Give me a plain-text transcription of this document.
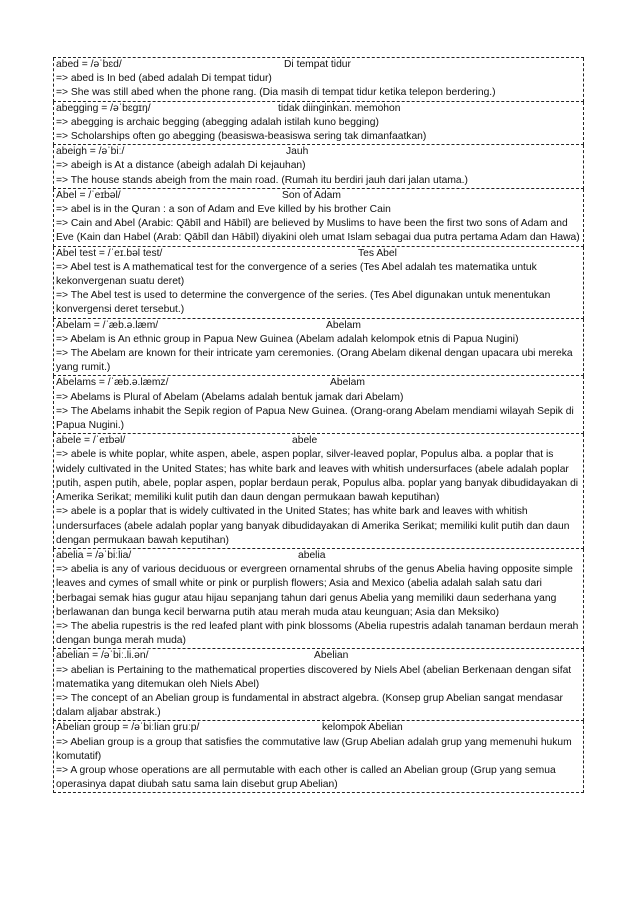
abed = /əˈbɛd/	Di tempat tidur
=> abed is In bed (abed adalah Di tempat tidur)
=> She was still abed when the phone rang. (Dia masih di tempat tidur ketika telepon berdering.)
abegging = /əˈbɛɡɪŋ/	tidak diinginkan. memohon
=> abegging is archaic begging (abegging adalah istilah kuno begging)
=> Scholarships often go abegging (beasiswa-beasiswa sering tak dimanfaatkan)
abeigh = /əˈbiː/	Jauh
=> abeigh is At a distance (abeigh adalah Di kejauhan)
=> The house stands abeigh from the main road. (Rumah itu berdiri jauh dari jalan utama.)
Abel = /ˈeɪbəl/	Son of Adam
=> abel is in the Quran : a son of Adam and Eve killed by his brother Cain
=> Cain and Abel (Arabic: Qābīl and Hābīl) are believed by Muslims to have been the first two sons of Adam and Eve (Kain dan Habel (Arab: Qābīl dan Hābīl) diyakini oleh umat Islam sebagai dua putra pertama Adam dan Hawa)
Abel test = /ˈeɪ.bəl test/	Tes Abel
=> Abel test is A mathematical test for the convergence of a series (Tes Abel adalah tes matematika untuk kekonvergenan suatu deret)
=> The Abel test is used to determine the convergence of the series. (Tes Abel digunakan untuk menentukan konvergensi deret tersebut.)
Abelam = /ˈæb.ə.læm/	Abelam
=> Abelam is An ethnic group in Papua New Guinea (Abelam adalah kelompok etnis di Papua Nugini)
=> The Abelam are known for their intricate yam ceremonies. (Orang Abelam dikenal dengan upacara ubi mereka yang rumit.)
Abelams = /ˈæb.ə.læmz/	Abelam
=> Abelams is Plural of Abelam (Abelams adalah bentuk jamak dari Abelam)
=> The Abelams inhabit the Sepik region of Papua New Guinea. (Orang-orang Abelam mendiami wilayah Sepik di Papua Nugini.)
abele = /ˈeɪbəl/	abele
=> abele is white poplar, white aspen, abele, aspen poplar, silver-leaved poplar, Populus alba. a poplar that is widely cultivated in the United States; has white bark and leaves with whitish undersurfaces (abele adalah poplar putih, aspen putih, abele, poplar aspen, poplar berdaun perak, Populus alba. poplar yang banyak dibudidayakan di Amerika Serikat; memiliki kulit putih dan daun dengan permukaan bawah keputihan)
=> abele is a poplar that is widely cultivated in the United States; has white bark and leaves with whitish undersurfaces (abele adalah poplar yang banyak dibudidayakan di Amerika Serikat; memiliki kulit putih dan daun dengan permukaan bawah keputihan)
abelia = /əˈbiːlia/	abelia
=> abelia is any of various deciduous or evergreen ornamental shrubs of the genus Abelia having opposite simple leaves and cymes of small white or pink or purplish flowers; Asia and Mexico (abelia adalah salah satu dari berbagai semak hias gugur atau hijau sepanjang tahun dari genus Abelia yang memiliki daun sederhana yang berlawanan dan bunga kecil berwarna putih atau merah muda atau keunguan; Asia dan Meksiko)
=> The abelia rupestris is the red leafed plant with pink blossoms (Abelia rupestris adalah tanaman berdaun merah dengan bunga merah muda)
abelian = /əˈbiː.li.ən/	Abelian
=> abelian is Pertaining to the mathematical properties discovered by Niels Abel (abelian Berkenaan dengan sifat matematika yang ditemukan oleh Niels Abel)
=> The concept of an Abelian group is fundamental in abstract algebra. (Konsep grup Abelian sangat mendasar dalam aljabar abstrak.)
Abelian group = /əˈbiːlian ɡruːp/	kelompok Abelian
=> Abelian group is a group that satisfies the commutative law (Grup Abelian adalah grup yang memenuhi hukum komutatif)
=> A group whose operations are all permutable with each other is called an Abelian group (Grup yang semua operasinya dapat diubah satu sama lain disebut grup Abelian)
